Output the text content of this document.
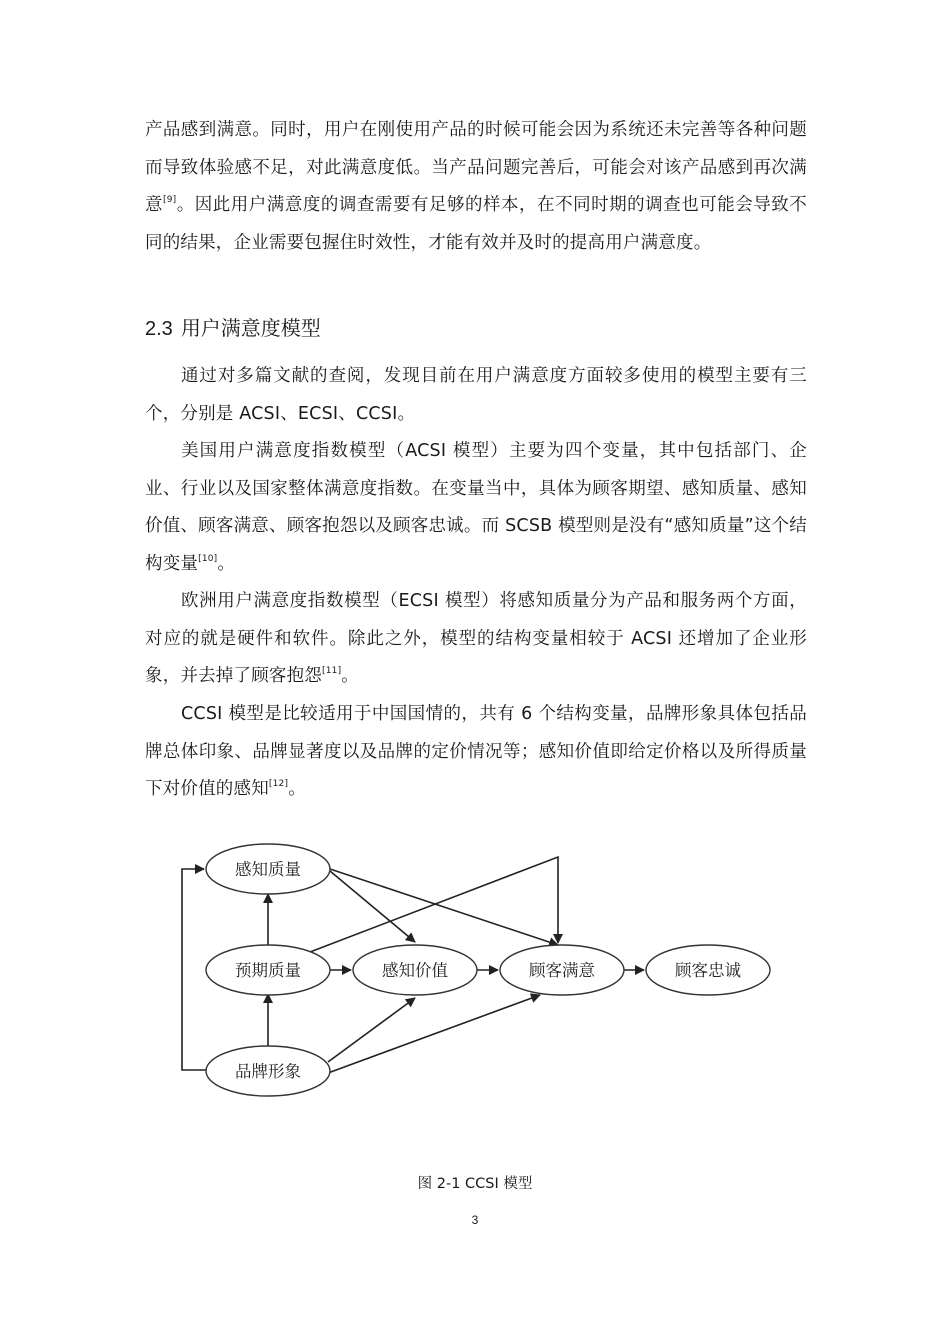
产品感到满意。同时，用户在刚使用产品的时候可能会因为系统还未完善等各种问题而导致体验感不足，对此满意度低。当产品问题完善后，可能会对该产品感到再次满意[9]。因此用户满意度的调查需要有足够的样本，在不同时期的调查也可能会导致不同的结果，企业需要包握住时效性，才能有效并及时的提高用户满意度。

2.3 用户满意度模型

通过对多篇文献的查阅，发现目前在用户满意度方面较多使用的模型主要有三个，分别是 ACSI、ECSI、CCSI。

美国用户满意度指数模型（ACSI 模型）主要为四个变量，其中包括部门、企业、行业以及国家整体满意度指数。在变量当中，具体为顾客期望、感知质量、感知价值、顾客满意、顾客抱怨以及顾客忠诚。而 SCSB 模型则是没有“感知质量”这个结构变量[10]。

欧洲用户满意度指数模型（ECSI 模型）将感知质量分为产品和服务两个方面，对应的就是硬件和软件。除此之外，模型的结构变量相较于 ACSI 还增加了企业形象，并去掉了顾客抱怨[11]。

CCSI 模型是比较适用于中国国情的，共有 6 个结构变量，品牌形象具体包括品牌总体印象、品牌显著度以及品牌的定价情况等；感知价值即给定价格以及所得质量下对价值的感知[12]。

感知质量
预期质量
品牌形象
感知价值	顾客满意	顾客忠诚
图 2-1 CCSI 模型
3
